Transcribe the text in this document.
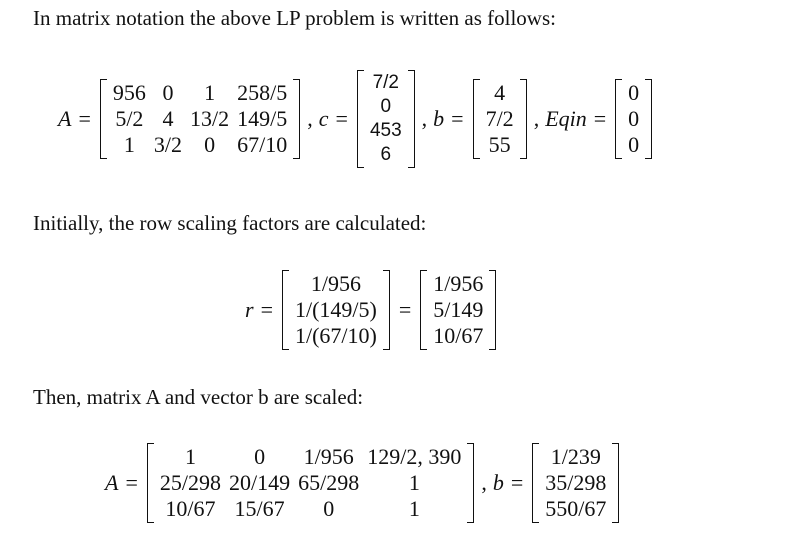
In matrix notation the above LP problem is written as follows:
A =
956	0	1	258/5
5/2	4	13/2	149/5
1	3/2	0	67/10
, c =
7/2
0
453
6
, b =
4
7/2
55
, Eqin =
0
0
0
Initially, the row scaling factors are calculated:
r =
1/956
1/(149/5)
1/(67/10)
=
1/956
5/149
10/67
Then, matrix A and vector b are scaled:
A =
1	0	1/956	129/2, 390
25/298	20/149	65/298	1
10/67	15/67	0	1
, b =
1/239
35/298
550/67
